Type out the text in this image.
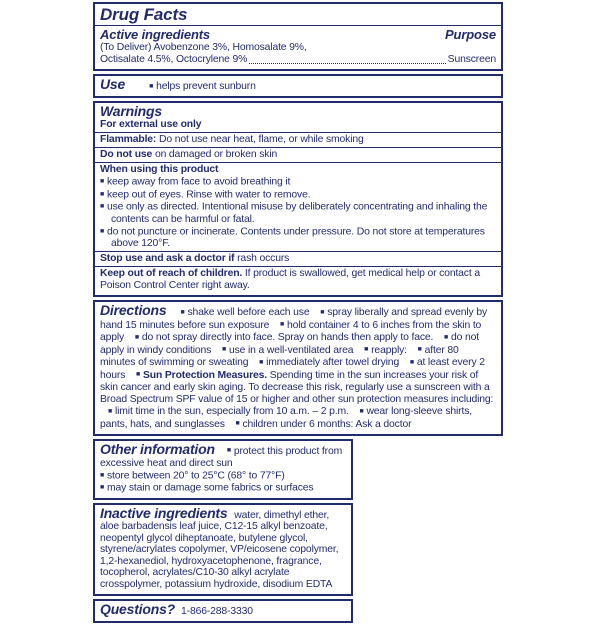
Drug Facts
Active ingredients	Purpose

(To Deliver) Avobenzone 3%, Homosalate 9%,

Octisalate 4.5%, Octocrylene 9%	Sunscreen

Use	■ helps prevent sunburn

Warnings

For external use only

Flammable: Do not use near heat, flame, or while smoking

Do not use on damaged or broken skin

When using this product

■ keep away from face to avoid breathing it
■ keep out of eyes. Rinse with water to remove.
■ use only as directed. Intentional misuse by deliberately concentrating and inhaling the contents can be harmful or fatal.
■ do not puncture or incinerate. Contents under pressure. Do not store at temperatures above 120°F.

Stop use and ask a doctor if rash occurs

Keep out of reach of children. If product is swallowed, get medical help or contact a Poison Control Center right away.

Directions ■ shake well before each use ■ spray liberally and spread evenly by hand 15 minutes before sun exposure ■ hold container 4 to 6 inches from the skin to apply ■ do not spray directly into face. Spray on hands then apply to face. ■ do not apply in windy conditions ■ use in a well-ventilated area ■ reapply: ■ after 80 minutes of swimming or sweating ■ immediately after towel drying ■ at least every 2 hours ■ Sun Protection Measures. Spending time in the sun increases your risk of skin cancer and early skin aging. To decrease this risk, regularly use a sunscreen with a Broad Spectrum SPF value of 15 or higher and other sun protection measures including: ■ limit time in the sun, especially from 10 a.m. – 2 p.m. ■ wear long-sleeve shirts, pants, hats, and sunglasses ■ children under 6 months: Ask a doctor

Other information ■ protect this product from excessive heat and direct sun

■ store between 20° to 25°C (68° to 77°F)
■ may stain or damage some fabrics or surfaces

Inactive ingredients water, dimethyl ether, aloe barbadensis leaf juice, C12-15 alkyl benzoate, neopentyl glycol diheptanoate, butylene glycol, styrene/acrylates copolymer, VP/eicosene copolymer, 1,2-hexanediol, hydroxyacetophenone, fragrance, tocopherol, acrylates/C10-30 alkyl acrylate crosspolymer, potassium hydroxide, disodium EDTA

Questions? 1-866-288-3330
